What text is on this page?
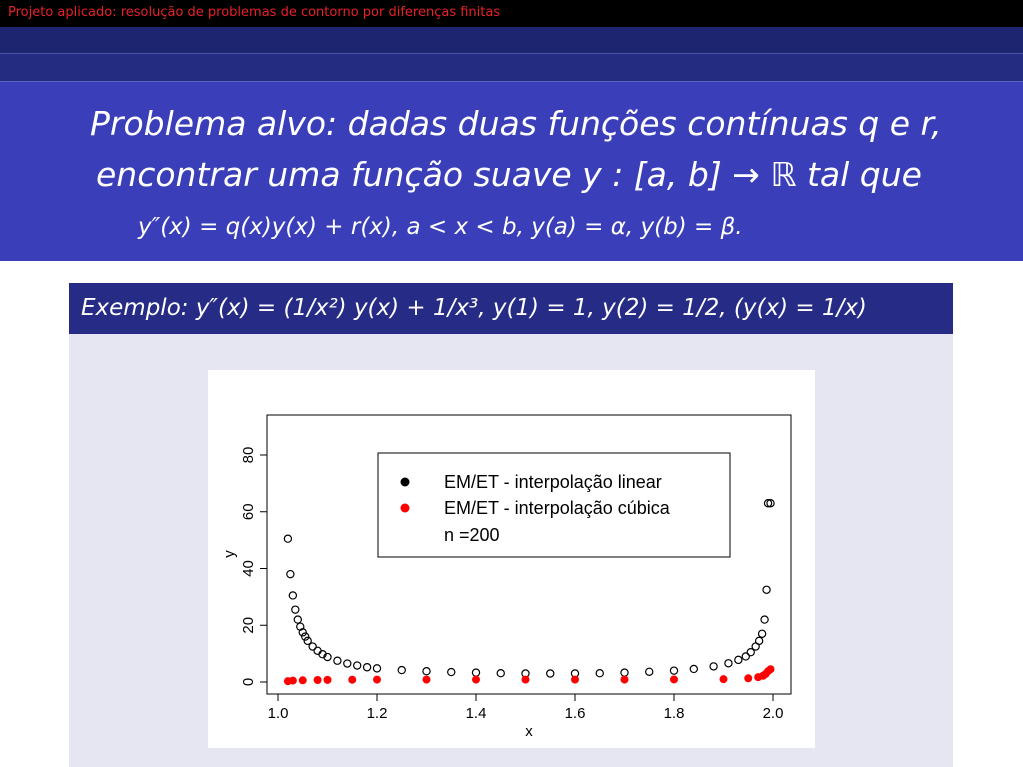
Projeto aplicado: resolução de problemas de contorno por diferenças finitas
Problema alvo: dadas duas funções contínuas q e r,
encontrar uma função suave y : [a, b] → ℝ tal que
y″(x) = q(x)y(x) + r(x), a < x < b, y(a) = α, y(b) = β.
Exemplo: y″(x) = (1/x²) y(x) + 1/x³, y(1) = 1, y(2) = 1/2, (y(x) = 1/x)
1.0	1.2	1.4	1.6	1.8	2.0
0
20
40
60
80
x
y
EM/ET - interpolação linear
EM/ET - interpolação cúbica
n =200
